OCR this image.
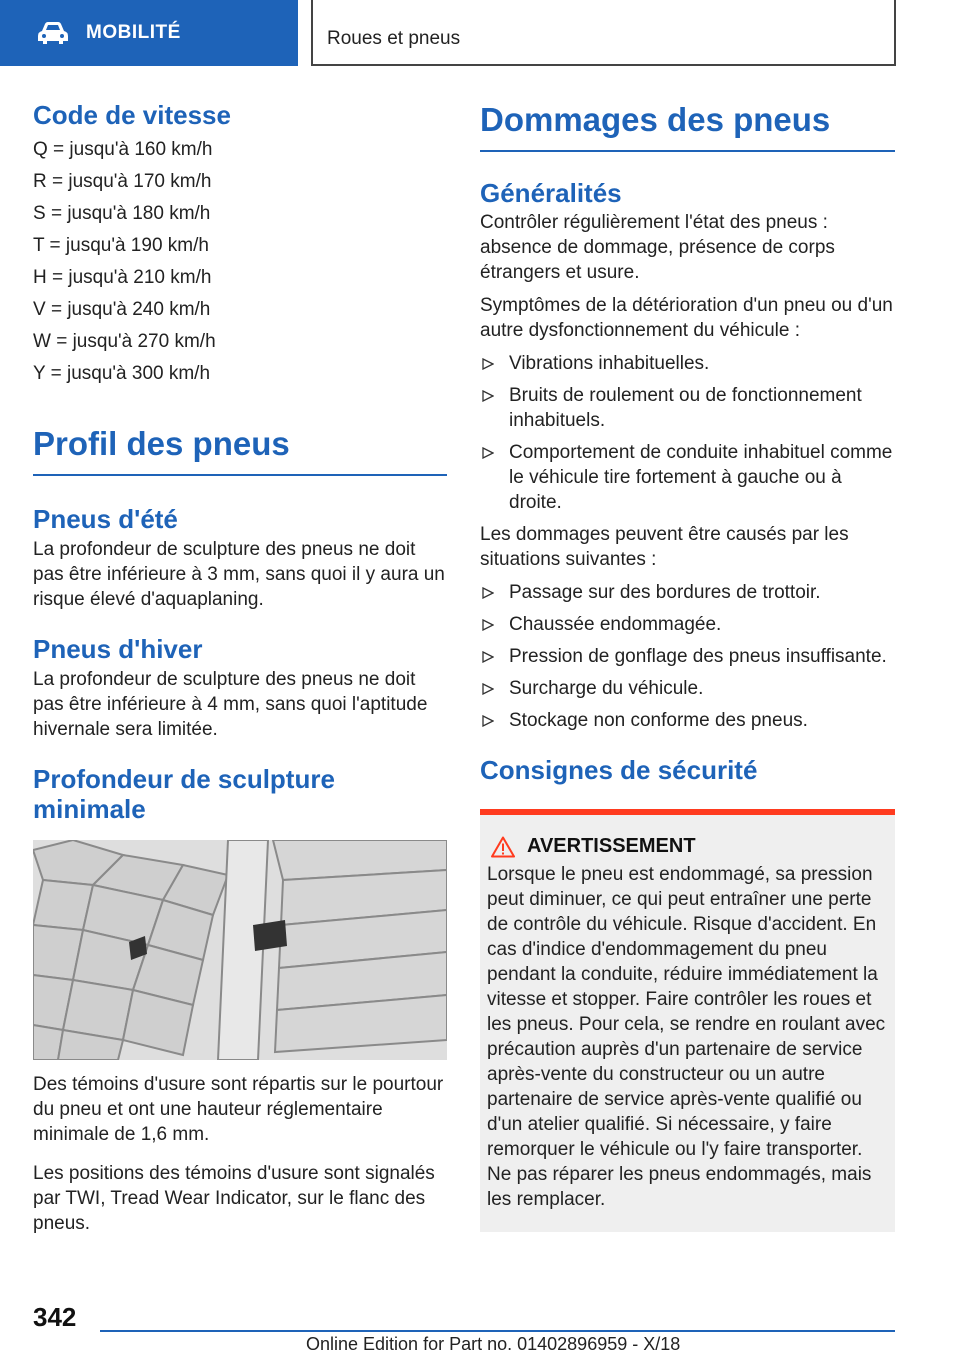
MOBILITÉ	Roues et pneus
Code de vitesse
Q = jusqu'à 160 km/h
R = jusqu'à 170 km/h
S = jusqu'à 180 km/h
T = jusqu'à 190 km/h
H = jusqu'à 210 km/h
V = jusqu'à 240 km/h
W = jusqu'à 270 km/h
Y = jusqu'à 300 km/h
Profil des pneus
Pneus d'été
La profondeur de sculpture des pneus ne doit pas être inférieure à 3 mm, sans quoi il y aura un risque élevé d'aquaplaning.
Pneus d'hiver
La profondeur de sculpture des pneus ne doit pas être inférieure à 4 mm, sans quoi l'aptitude hivernale sera limitée.
Profondeur de sculpture minimale
Des témoins d'usure sont répartis sur le pourtour du pneu et ont une hauteur réglementaire minimale de 1,6 mm.
Les positions des témoins d'usure sont signalés par TWI, Tread Wear Indicator, sur le flanc des pneus.
Dommages des pneus
Généralités
Contrôler régulièrement l'état des pneus : absence de dommage, présence de corps étrangers et usure.
Symptômes de la détérioration d'un pneu ou d'un autre dysfonctionnement du véhicule :
Vibrations inhabituelles.
Bruits de roulement ou de fonctionnement inhabituels.
Comportement de conduite inhabituel comme le véhicule tire fortement à gauche ou à droite.
Les dommages peuvent être causés par les situations suivantes :
Passage sur des bordures de trottoir.
Chaussée endommagée.
Pression de gonflage des pneus insuffisante.
Surcharge du véhicule.
Stockage non conforme des pneus.
Consignes de sécurité
AVERTISSEMENT
Lorsque le pneu est endommagé, sa pression peut diminuer, ce qui peut entraîner une perte de contrôle du véhicule. Risque d'accident. En cas d'indice d'endommagement du pneu pendant la conduite, réduire immédiatement la vitesse et stopper. Faire contrôler les roues et les pneus. Pour cela, se rendre en roulant avec précaution auprès d'un partenaire de service après-vente du constructeur ou un autre partenaire de service après-vente qualifié ou d'un atelier qualifié. Si nécessaire, y faire remorquer le véhicule ou l'y faire transporter. Ne pas réparer les pneus endommagés, mais les remplacer.
342
Online Edition for Part no. 01402896959 - X/18
